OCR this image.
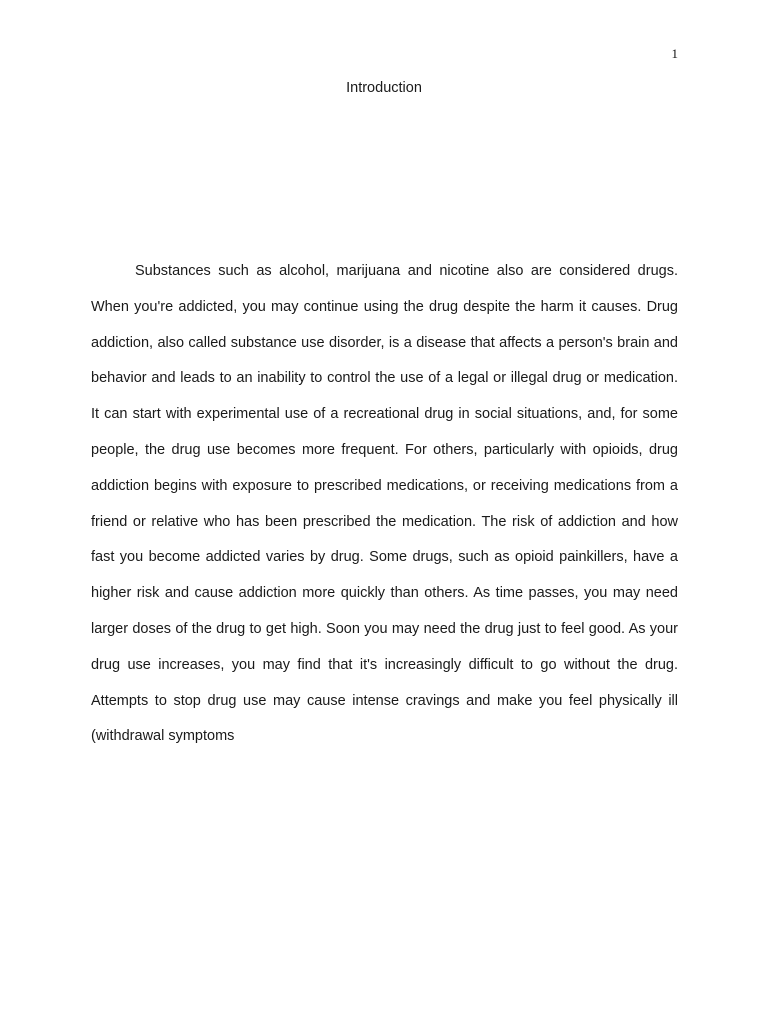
1
Introduction

Substances such as alcohol, marijuana and nicotine also are considered drugs. When you're addicted, you may continue using the drug despite the harm it causes. Drug addiction, also called substance use disorder, is a disease that affects a person's brain and behavior and leads to an inability to control the use of a legal or illegal drug or medication. It can start with experimental use of a recreational drug in social situations, and, for some people, the drug use becomes more frequent. For others, particularly with opioids, drug addiction begins with exposure to prescribed medications, or receiving medications from a friend or relative who has been prescribed the medication. The risk of addiction and how fast you become addicted varies by drug. Some drugs, such as opioid painkillers, have a higher risk and cause addiction more quickly than others. As time passes, you may need larger doses of the drug to get high. Soon you may need the drug just to feel good. As your drug use increases, you may find that it's increasingly difficult to go without the drug. Attempts to stop drug use may cause intense cravings and make you feel physically ill (withdrawal symptoms
